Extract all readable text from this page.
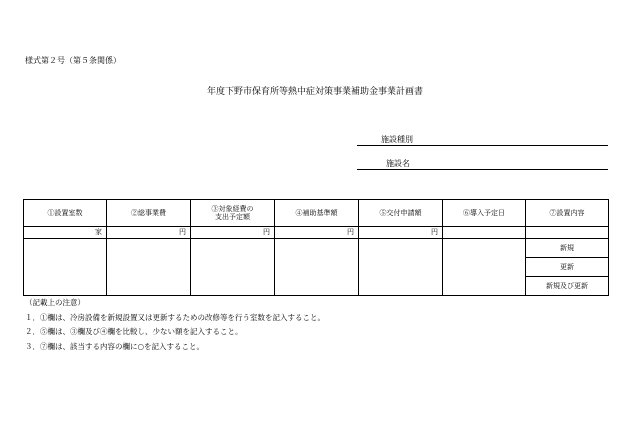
様式第２号（第５条関係）
年度下野市保育所等熱中症対策事業補助金事業計画書
施設種別
施設名
①設置室数	②総事業費	③対象経費の
支出予定額	④補助基準額	⑤交付申請額	⑥導入予定日	⑦設置内容
家	円	円	円	円		

新規
更新
新規及び更新
（記載上の注意）
１．①欄は、冷房設備を新規設置又は更新するための改修等を行う室数を記入すること。
２．⑤欄は、③欄及び④欄を比較し、少ない額を記入すること。
３．⑦欄は、該当する内容の欄に○を記入すること。
